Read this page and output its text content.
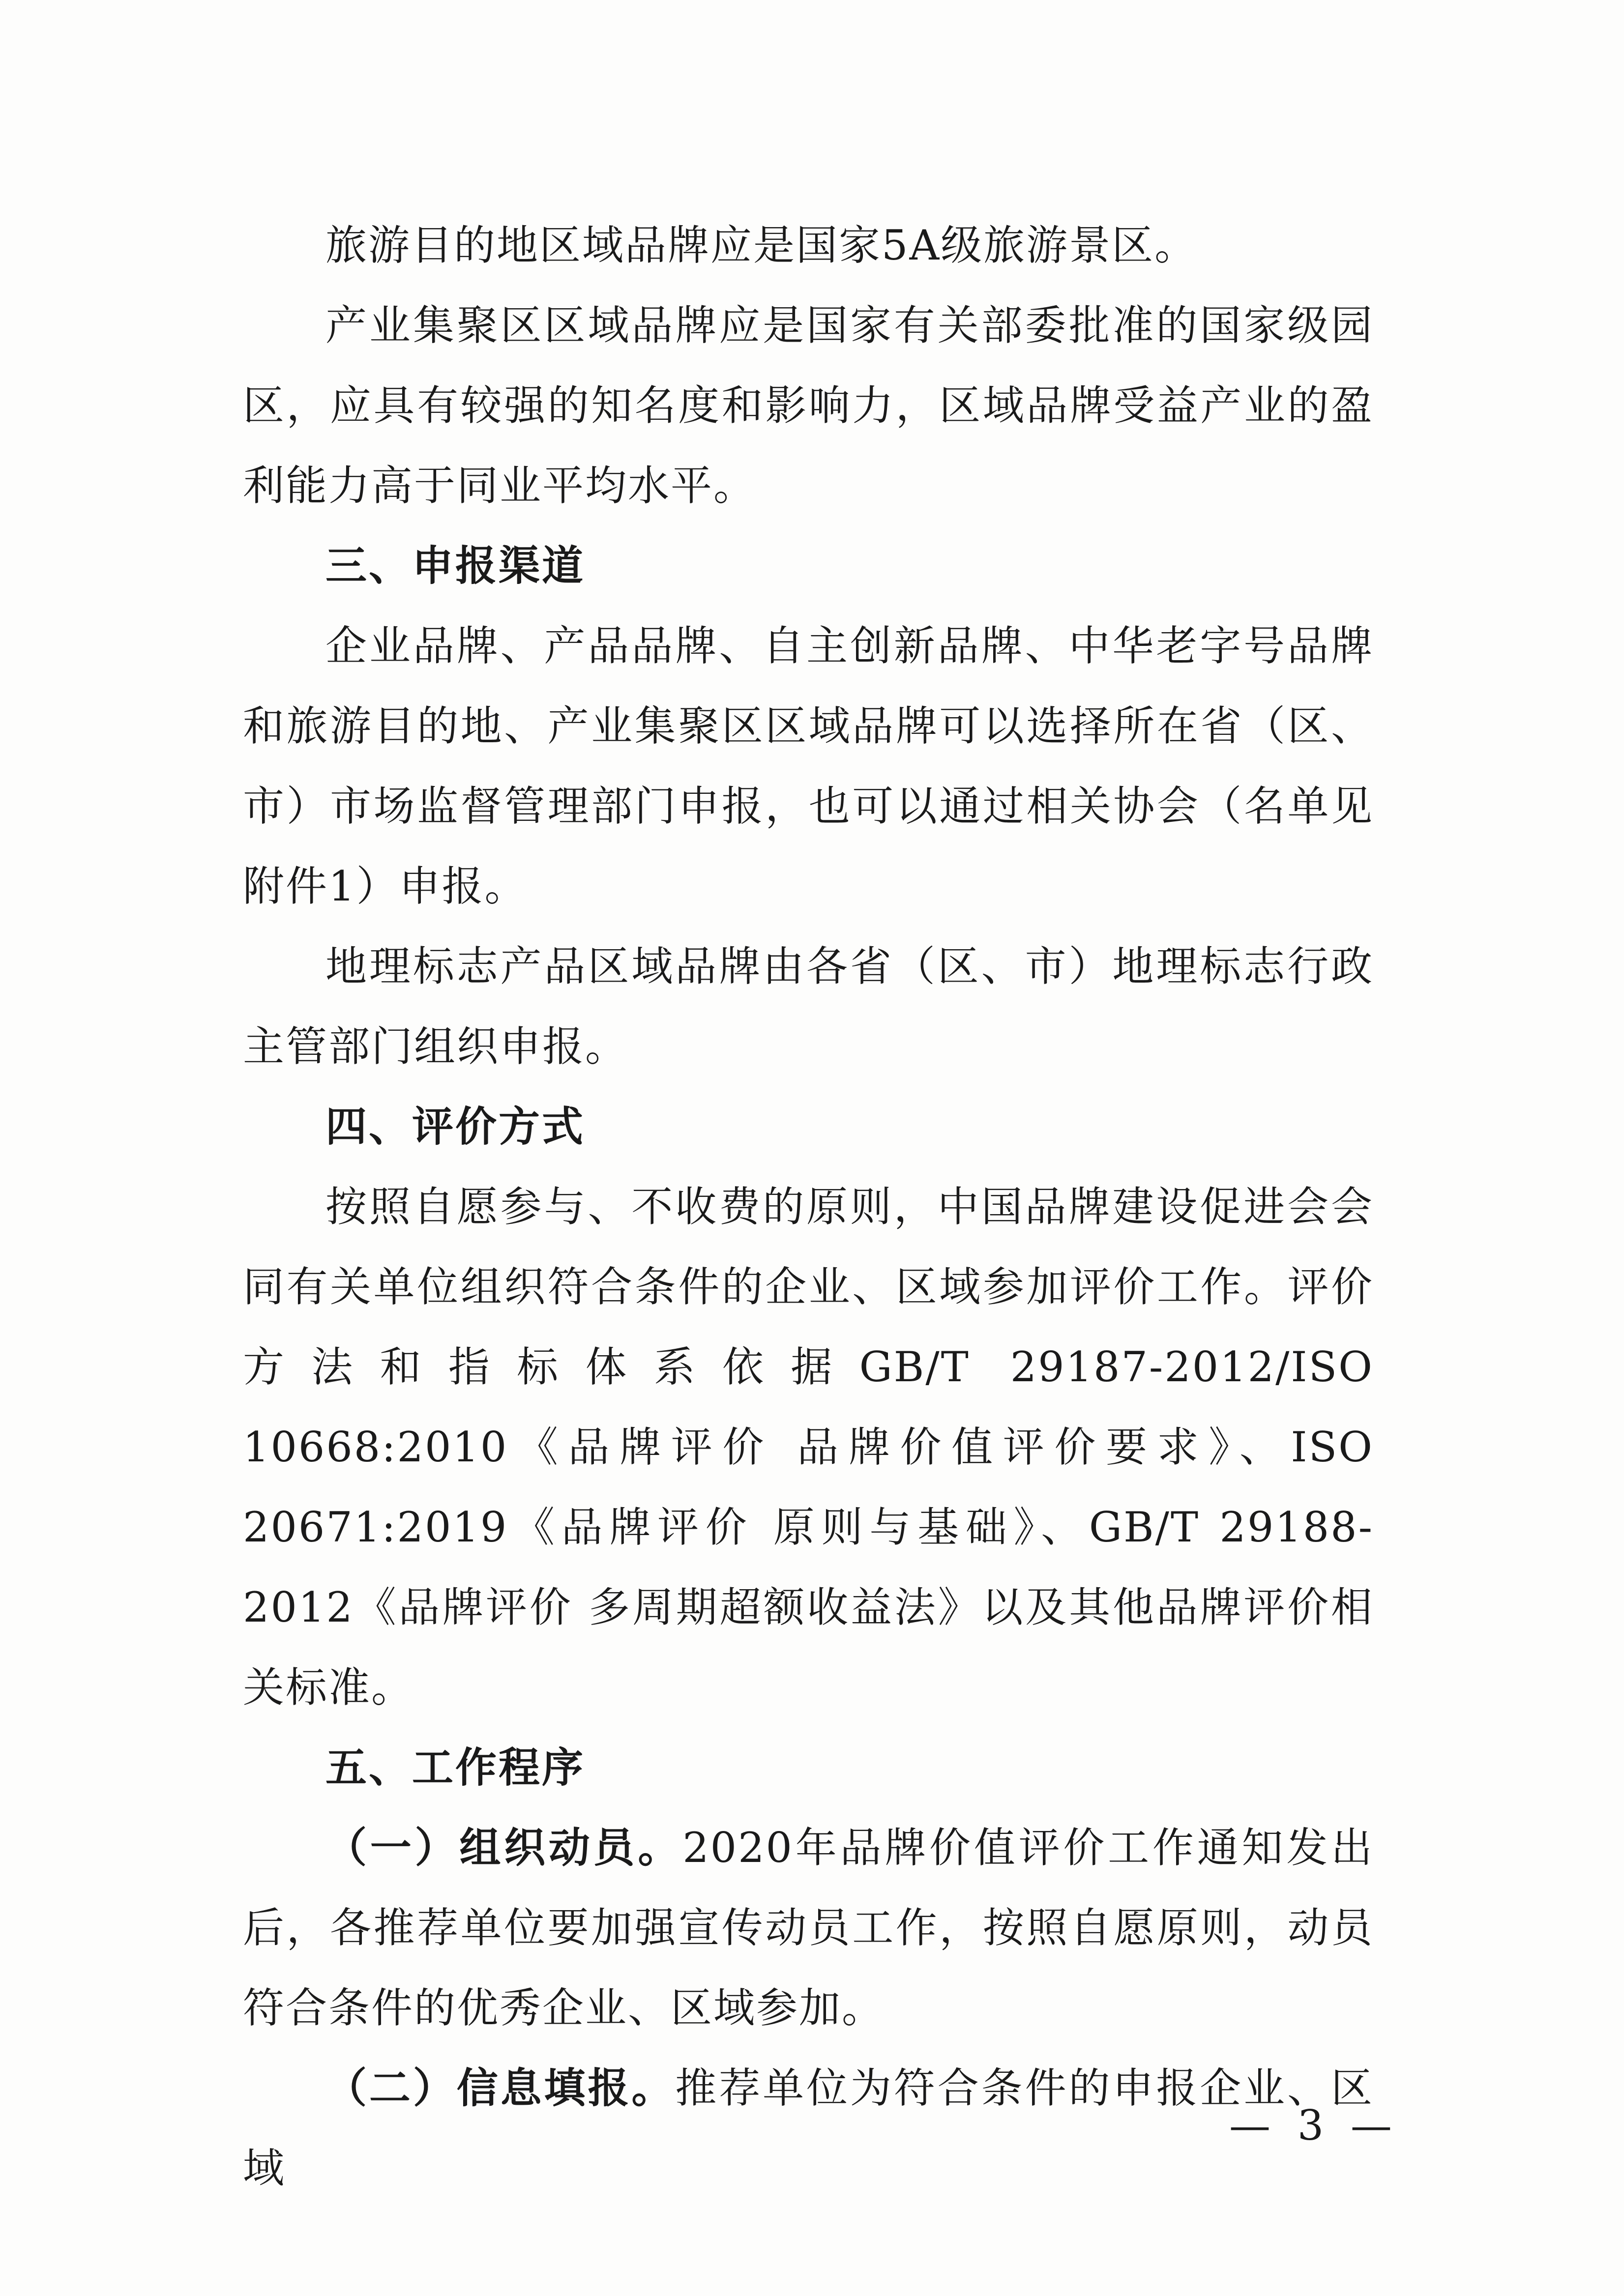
旅游目的地区域品牌应是国家5A级旅游景区。

产业集聚区区域品牌应是国家有关部委批准的国家级园区，应具有较强的知名度和影响力，区域品牌受益产业的盈利能力高于同业平均水平。

三、申报渠道

企业品牌、产品品牌、自主创新品牌、中华老字号品牌和旅游目的地、产业集聚区区域品牌可以选择所在省（区、市）市场监督管理部门申报，也可以通过相关协会（名单见附件1）申报。

地理标志产品区域品牌由各省（区、市）地理标志行政主管部门组织申报。

四、评价方式

按照自愿参与、不收费的原则，中国品牌建设促进会会同有关单位组织符合条件的企业、区域参加评价工作。评价方法和指标体系依据GB/T 29187-2012/ISO 10668:2010《品牌评价 品牌价值评价要求》、ISO 20671:2019《品牌评价 原则与基础》、GB/T 29188-2012《品牌评价 多周期超额收益法》以及其他品牌评价相关标准。

五、工作程序

（一）组织动员。2020年品牌价值评价工作通知发出后，各推荐单位要加强宣传动员工作，按照自愿原则，动员符合条件的优秀企业、区域参加。

（二）信息填报。推荐单位为符合条件的申报企业、区域

— 3 —
